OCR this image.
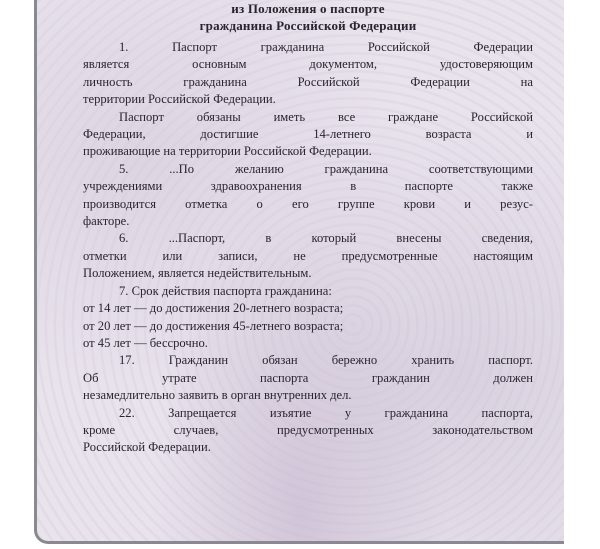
из Положения о паспорте
гражданина Российской Федерации
1. Паспорт гражданина Российской Федерации
является основным документом, удостоверяющим
личность гражданина Российской Федерации на
территории Российской Федерации.
Паспорт обязаны иметь все граждане Российской
Федерации, достигшие 14-летнего возраста и
проживающие на территории Российской Федерации.
5. ...По желанию гражданина соответствующими
учреждениями здравоохранения в паспорте также
производится отметка о его группе крови и резус-
факторе.
6. ...Паспорт, в который внесены сведения,
отметки или записи, не предусмотренные настоящим
Положением, является недействительным.
7. Срок действия паспорта гражданина:
от 14 лет — до достижения 20-летнего возраста;
от 20 лет — до достижения 45-летнего возраста;
от 45 лет — бессрочно.
17. Гражданин обязан бережно хранить паспорт.
Об утрате паспорта гражданин должен
незамедлительно заявить в орган внутренних дел.
22. Запрещается изъятие у гражданина паспорта,
кроме случаев, предусмотренных законодательством
Российской Федерации.
